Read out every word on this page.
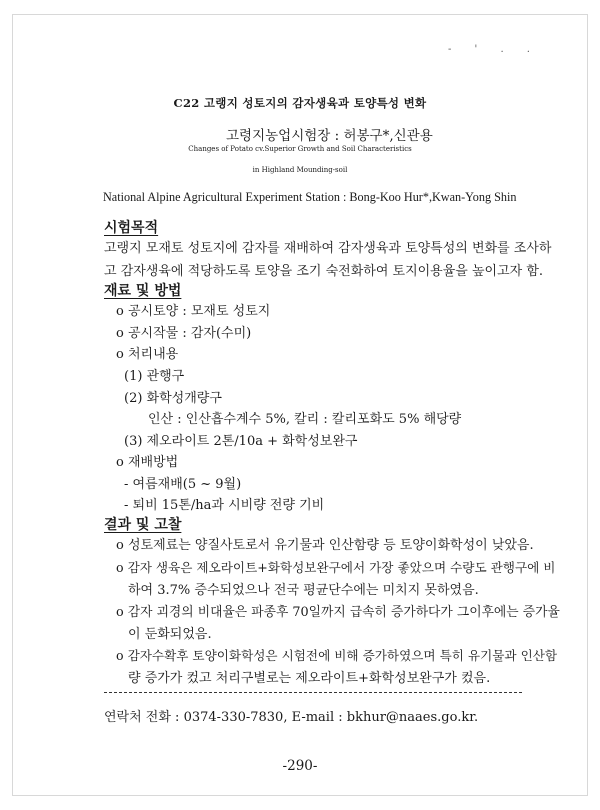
- ' . .
C22 고랭지 성토지의 감자생육과 토양특성 변화
고령지농업시험장 : 허봉구*,신관용
Changes of Potato cv.Superior Growth and Soil Characteristics
in Highland Mounding-soil
National Alpine Agricultural Experiment Station : Bong-Koo Hur*,Kwan-Yong Shin
시험목적
고랭지 모재토 성토지에 감자를 재배하여 감자생육과 토양특성의 변화를 조사하
고 감자생육에 적당하도록 토양을 조기 숙전화하여 토지이용율을 높이고자 함.
재료 및 방법
o 공시토양 : 모재토 성토지
o 공시작물 : 감자(수미)
o 처리내용
(1) 관행구
(2) 화학성개량구
인산 : 인산흡수계수 5%, 칼리 : 칼리포화도 5% 해당량
(3) 제오라이트 2톤/10a + 화학성보완구
o 재배방법
- 여름재배(5 ~ 9월)
- 퇴비 15톤/ha과 시비량 전량 기비
결과 및 고찰
o 성토제료는 양질사토로서 유기물과 인산함량 등 토양이화학성이 낮았음.
o 감자 생육은 제오라이트+화학성보완구에서 가장 좋았으며 수량도 관행구에 비
하여 3.7% 증수되었으나 전국 평균단수에는 미치지 못하였음.
o 감자 괴경의 비대율은 파종후 70일까지 급속히 증가하다가 그이후에는 증가율
이 둔화되었음.
o 감자수확후 토양이화학성은 시험전에 비해 증가하였으며 특히 유기물과 인산함
량 증가가 컸고 처리구별로는 제오라이트+화학성보완구가 컸음.
연락처 전화 : 0374-330-7830, E-mail : bkhur@naaes.go.kr.
-290-
